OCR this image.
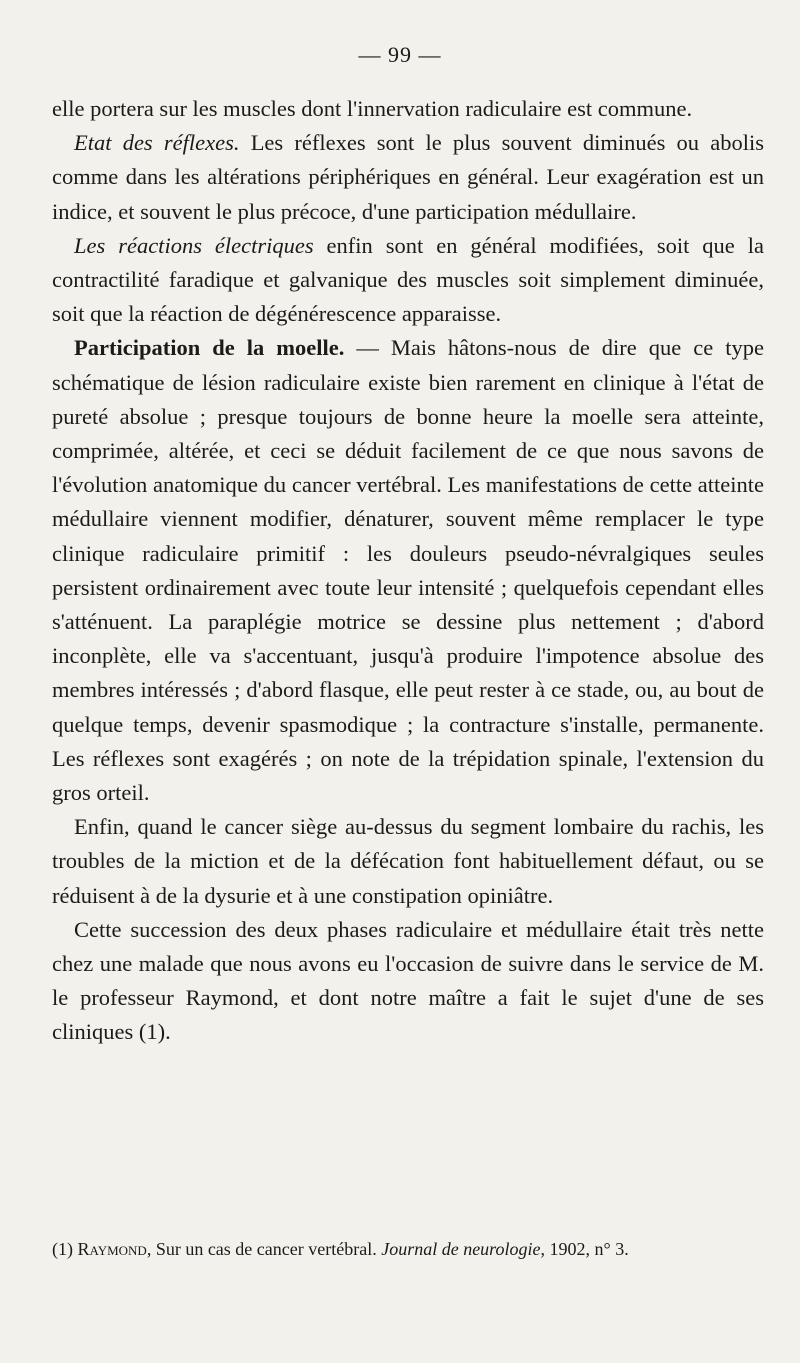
— 99 —

elle portera sur les muscles dont l'innervation radiculaire est commune.

Etat des réflexes. Les réflexes sont le plus souvent diminués ou abolis comme dans les altérations périphériques en général. Leur exagération est un indice, et souvent le plus précoce, d'une participation médullaire.

Les réactions électriques enfin sont en général modifiées, soit que la contractilité faradique et galvanique des muscles soit simplement diminuée, soit que la réaction de dégénérescence apparaisse.

Participation de la moelle. — Mais hâtons-nous de dire que ce type schématique de lésion radiculaire existe bien rarement en clinique à l'état de pureté absolue ; presque toujours de bonne heure la moelle sera atteinte, comprimée, altérée, et ceci se déduit facilement de ce que nous savons de l'évolution anatomique du cancer vertébral. Les manifestations de cette atteinte médullaire viennent modifier, dénaturer, souvent même remplacer le type clinique radiculaire primitif : les douleurs pseudo-névralgiques seules persistent ordinairement avec toute leur intensité ; quelquefois cependant elles s'atténuent. La paraplégie motrice se dessine plus nettement ; d'abord inconplète, elle va s'accentuant, jusqu'à produire l'impotence absolue des membres intéressés ; d'abord flasque, elle peut rester à ce stade, ou, au bout de quelque temps, devenir spasmodique ; la contracture s'installe, permanente. Les réflexes sont exagérés ; on note de la trépidation spinale, l'extension du gros orteil.

Enfin, quand le cancer siège au-dessus du segment lombaire du rachis, les troubles de la miction et de la défécation font habituellement défaut, ou se réduisent à de la dysurie et à une constipation opiniâtre.

Cette succession des deux phases radiculaire et médullaire était très nette chez une malade que nous avons eu l'occasion de suivre dans le service de M. le professeur Raymond, et dont notre maître a fait le sujet d'une de ses cliniques (1).

(1) Raymond, Sur un cas de cancer vertébral. Journal de neurologie, 1902, n° 3.
